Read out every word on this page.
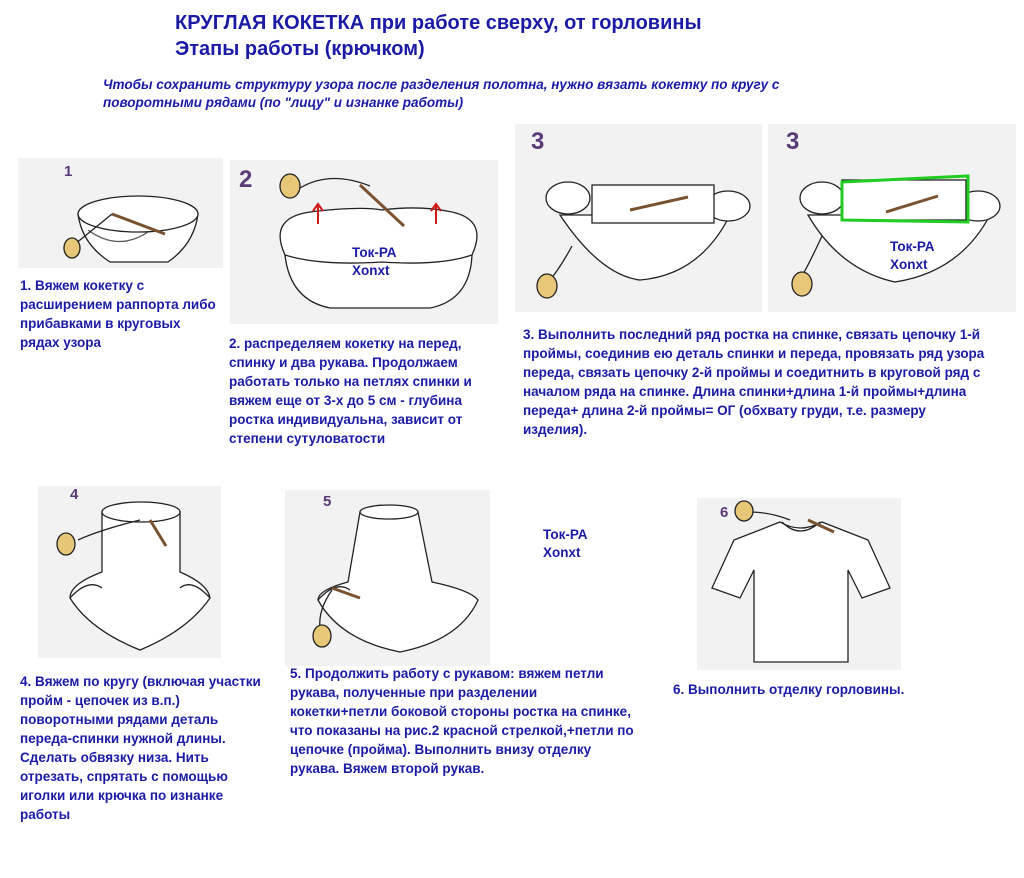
КРУГЛАЯ КОКЕТКА при работе сверху, от горловины
Этапы работы (крючком)
Чтобы сохранить структуру узора после разделения полотна, нужно вязать кокетку по кругу с поворотными рядами (по "лицу" и изнанке работы)
1	2
3	3
4	5
6
Ток-РА
Xonxt
Ток-РА
Xonxt
Ток-РА
Xonxt
1. Вяжем кокетку с расширением раппорта либо прибавками в круговых рядах узора	2. распределяем кокетку на перед, спинку и два рукава. Продолжаем работать только на петлях спинки и вяжем еще от 3-х до 5 см - глубина ростка индивидуальна, зависит от степени сутуловатости
3. Выполнить последний ряд ростка на спинке, связать цепочку 1-й проймы, соединив ею деталь спинки и переда, провязать ряд узора переда, связать цепочку 2-й проймы и соедитнить в круговой ряд с началом ряда на спинке. Длина спинки+длина 1-й проймы+длина переда+ длина 2-й проймы= ОГ (обхвату груди, т.е. размеру изделия).
4. Вяжем по кругу (включая участки пройм - цепочек из в.п.) поворотными рядами деталь переда-спинки нужной длины. Сделать обвязку низа. Нить отрезать, спрятать с помощью иголки или крючка по изнанке работы
5. Продолжить работу с рукавом: вяжем петли рукава, полученные при разделении кокетки+петли боковой стороны ростка на спинке, что показаны на рис.2 красной стрелкой,+петли по цепочке (пройма). Выполнить внизу отделку рукава. Вяжем второй рукав.
6. Выполнить отделку горловины.
